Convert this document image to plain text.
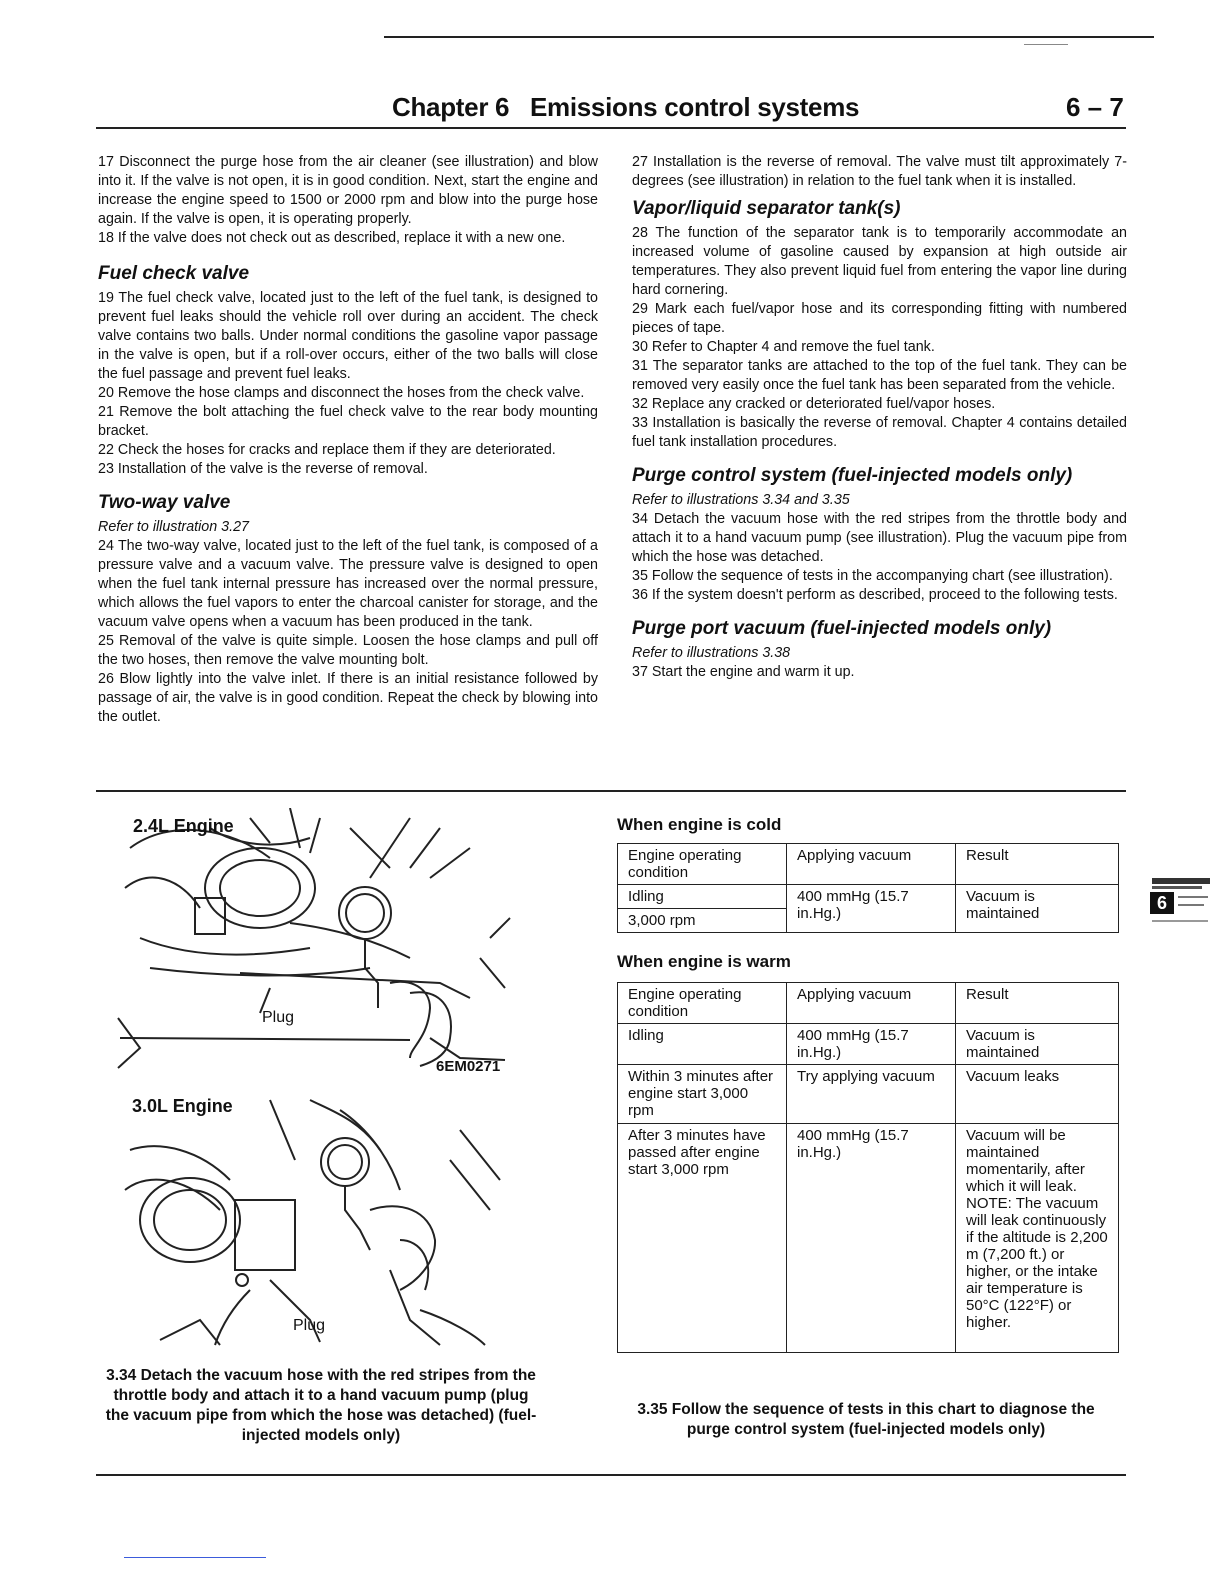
Chapter 6   Emissions control systems	6 – 7

17 Disconnect the purge hose from the air cleaner (see illustration) and blow into it. If the valve is not open, it is in good condition. Next, start the engine and increase the engine speed to 1500 or 2000 rpm and blow into the purge hose again. If the valve is open, it is operating properly.

18 If the valve does not check out as described, replace it with a new one.

Fuel check valve

19 The fuel check valve, located just to the left of the fuel tank, is designed to prevent fuel leaks should the vehicle roll over during an accident. The check valve contains two balls. Under normal conditions the gasoline vapor passage in the valve is open, but if a roll-over occurs, either of the two balls will close the fuel passage and prevent fuel leaks.

20 Remove the hose clamps and disconnect the hoses from the check valve.

21 Remove the bolt attaching the fuel check valve to the rear body mounting bracket.

22 Check the hoses for cracks and replace them if they are deteriorated.

23 Installation of the valve is the reverse of removal.

Two-way valve

Refer to illustration 3.27

24 The two-way valve, located just to the left of the fuel tank, is composed of a pressure valve and a vacuum valve. The pressure valve is designed to open when the fuel tank internal pressure has increased over the normal pressure, which allows the fuel vapors to enter the charcoal canister for storage, and the vacuum valve opens when a vacuum has been produced in the tank.

25 Removal of the valve is quite simple. Loosen the hose clamps and pull off the two hoses, then remove the valve mounting bolt.

26 Blow lightly into the valve inlet. If there is an initial resistance followed by passage of air, the valve is in good condition. Repeat the check by blowing into the outlet.

27 Installation is the reverse of removal. The valve must tilt approximately 7-degrees (see illustration) in relation to the fuel tank when it is installed.

Vapor/liquid separator tank(s)

28 The function of the separator tank is to temporarily accommodate an increased volume of gasoline caused by expansion at high outside air temperatures. They also prevent liquid fuel from entering the vapor line during hard cornering.

29 Mark each fuel/vapor hose and its corresponding fitting with numbered pieces of tape.

30 Refer to Chapter 4 and remove the fuel tank.

31 The separator tanks are attached to the top of the fuel tank. They can be removed very easily once the fuel tank has been separated from the vehicle.

32 Replace any cracked or deteriorated fuel/vapor hoses.

33 Installation is basically the reverse of removal. Chapter 4 contains detailed fuel tank installation procedures.

Purge control system (fuel-injected models only)

Refer to illustrations 3.34 and 3.35

34 Detach the vacuum hose with the red stripes from the throttle body and attach it to a hand vacuum pump (see illustration). Plug the vacuum pipe from which the hose was detached.

35 Follow the sequence of tests in the accompanying chart (see illustration).

36 If the system doesn't perform as described, proceed to the following tests.

Purge port vacuum (fuel-injected models only)

Refer to illustrations 3.38

37 Start the engine and warm it up.

2.4L Engine
Plug
6EM0271
3.0L Engine
Plug
3.34 Detach the vacuum hose with the red stripes from the throttle body and attach it to a hand vacuum pump (plug the vacuum pipe from which the hose was detached) (fuel-injected models only)
When engine is cold
Engine operating condition	Applying vacuum	Result
Idling	400 mmHg (15.7 in.Hg.)	Vacuum is maintained
3,000 rpm		
When engine is warm
Engine operating condition	Applying vacuum	Result
Idling	400 mmHg (15.7 in.Hg.)	Vacuum is maintained
Within 3 minutes after engine start 3,000 rpm	Try applying vacuum	Vacuum leaks
After 3 minutes have passed after engine start 3,000 rpm	400 mmHg (15.7 in.Hg.)	Vacuum will be maintained momentarily, after which it will leak. NOTE: The vacuum will leak continuously if the altitude is 2,200 m (7,200 ft.) or higher, or the intake air temperature is 50°C (122°F) or higher.
3.35 Follow the sequence of tests in this chart to diagnose the purge control system (fuel-injected models only)
6
